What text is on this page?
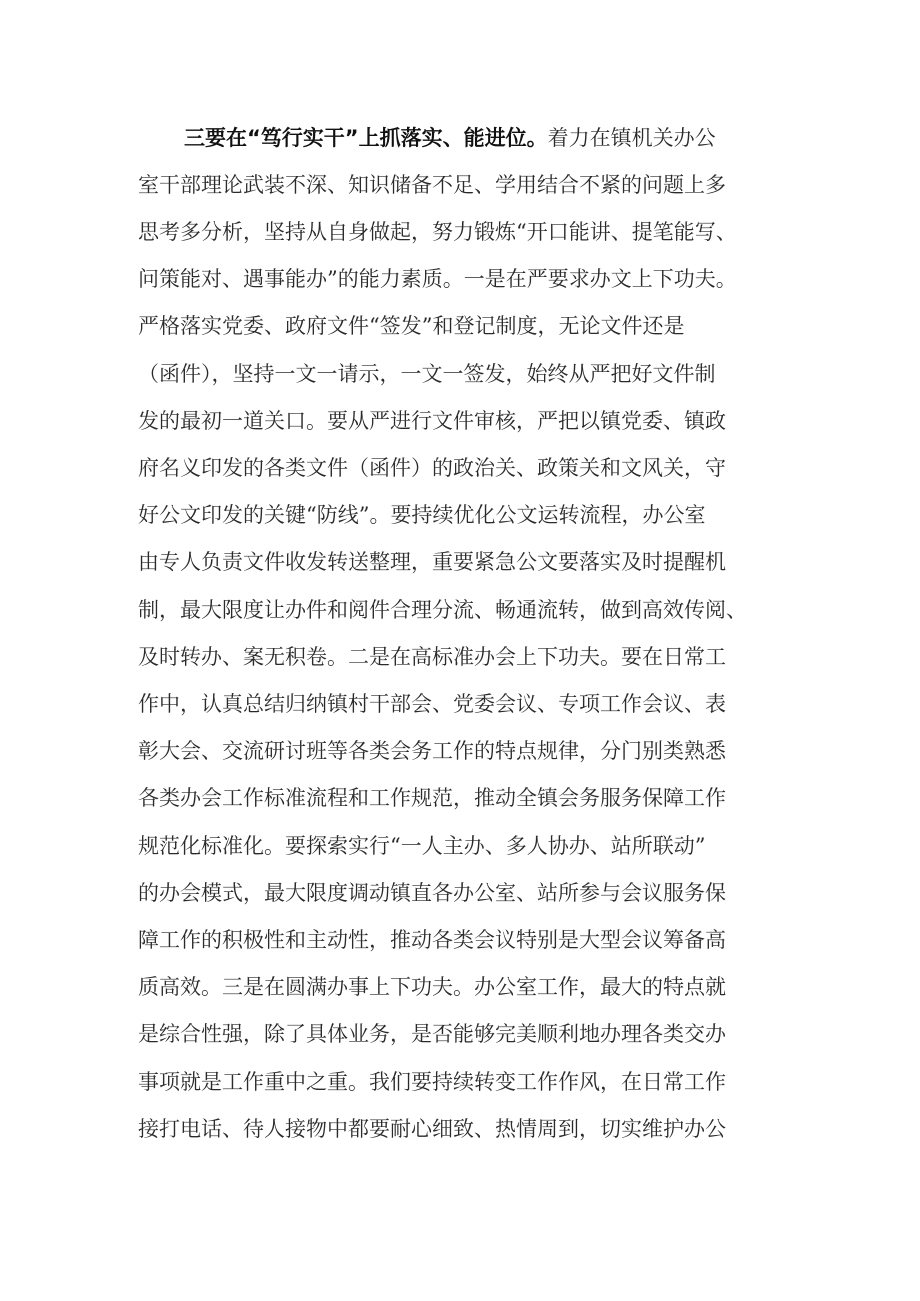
三要在“笃行实干”上抓落实、能进位。着力在镇机关办公
室干部理论武装不深、知识储备不足、学用结合不紧的问题上多
思考多分析，坚持从自身做起，努力锻炼“开口能讲、提笔能写、
问策能对、遇事能办”的能力素质。一是在严要求办文上下功夫。
严格落实党委、政府文件“签发”和登记制度，无论文件还是
（函件），坚持一文一请示，一文一签发，始终从严把好文件制
发的最初一道关口。要从严进行文件审核，严把以镇党委、镇政
府名义印发的各类文件（函件）的政治关、政策关和文风关，守
好公文印发的关键“防线”。要持续优化公文运转流程，办公室
由专人负责文件收发转送整理，重要紧急公文要落实及时提醒机
制，最大限度让办件和阅件合理分流、畅通流转，做到高效传阅、
及时转办、案无积卷。二是在高标准办会上下功夫。要在日常工
作中，认真总结归纳镇村干部会、党委会议、专项工作会议、表
彰大会、交流研讨班等各类会务工作的特点规律，分门别类熟悉
各类办会工作标准流程和工作规范，推动全镇会务服务保障工作
规范化标准化。要探索实行“一人主办、多人协办、站所联动”
的办会模式，最大限度调动镇直各办公室、站所参与会议服务保
障工作的积极性和主动性，推动各类会议特别是大型会议筹备高
质高效。三是在圆满办事上下功夫。办公室工作，最大的特点就
是综合性强，除了具体业务，是否能够完美顺利地办理各类交办
事项就是工作重中之重。我们要持续转变工作作风，在日常工作
接打电话、待人接物中都要耐心细致、热情周到，切实维护办公
